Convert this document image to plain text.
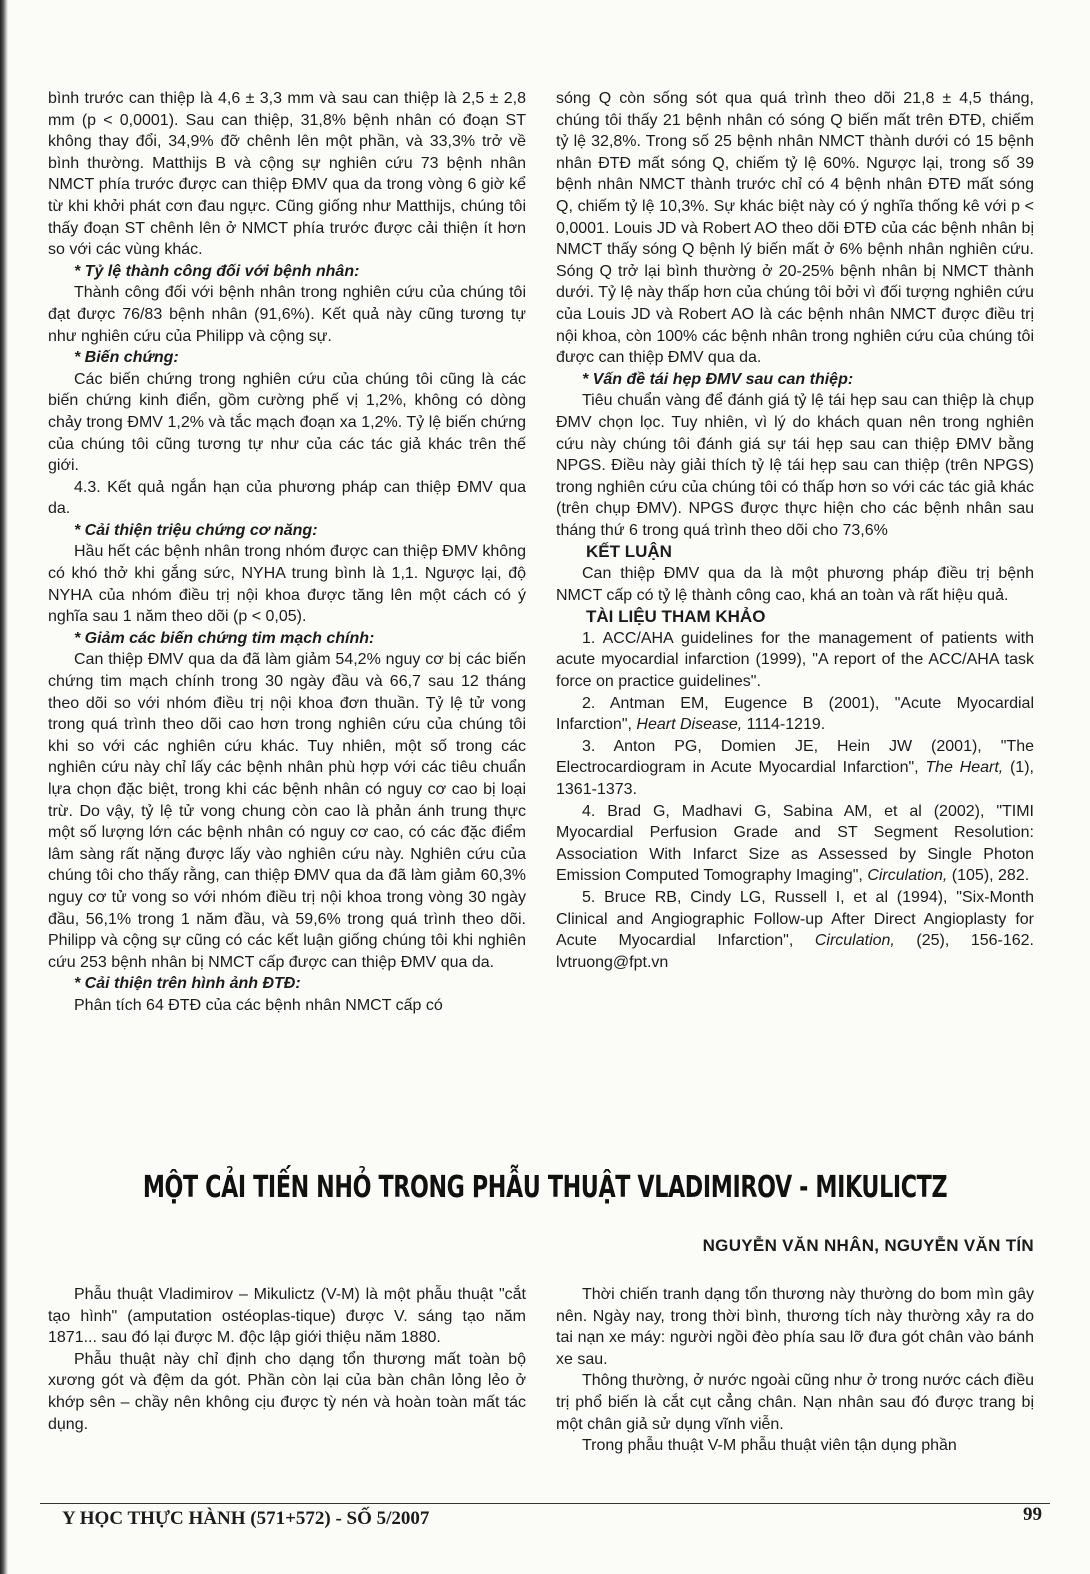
bình trước can thiệp là 4,6 ± 3,3 mm và sau can thiệp là 2,5 ± 2,8 mm (p < 0,0001). Sau can thiệp, 31,8% bệnh nhân có đoạn ST không thay đổi, 34,9% đỡ chênh lên một phần, và 33,3% trở về bình thường. Matthijs B và cộng sự nghiên cứu 73 bệnh nhân NMCT phía trước được can thiệp ĐMV qua da trong vòng 6 giờ kể từ khi khởi phát cơn đau ngực. Cũng giống như Matthijs, chúng tôi thấy đoạn ST chênh lên ở NMCT phía trước được cải thiện ít hơn so với các vùng khác.

* Tỷ lệ thành công đối với bệnh nhân:

Thành công đối với bệnh nhân trong nghiên cứu của chúng tôi đạt được 76/83 bệnh nhân (91,6%). Kết quả này cũng tương tự như nghiên cứu của Philipp và cộng sự.

* Biến chứng:

Các biến chứng trong nghiên cứu của chúng tôi cũng là các biến chứng kinh điển, gồm cường phế vị 1,2%, không có dòng chảy trong ĐMV 1,2% và tắc mạch đoạn xa 1,2%. Tỷ lệ biến chứng của chúng tôi cũng tương tự như của các tác giả khác trên thế giới.

4.3. Kết quả ngắn hạn của phương pháp can thiệp ĐMV qua da.

* Cải thiện triệu chứng cơ năng:

Hầu hết các bệnh nhân trong nhóm được can thiệp ĐMV không có khó thở khi gắng sức, NYHA trung bình là 1,1. Ngược lại, độ NYHA của nhóm điều trị nội khoa được tăng lên một cách có ý nghĩa sau 1 năm theo dõi (p < 0,05).

* Giảm các biến chứng tim mạch chính:

Can thiệp ĐMV qua da đã làm giảm 54,2% nguy cơ bị các biến chứng tim mạch chính trong 30 ngày đầu và 66,7 sau 12 tháng theo dõi so với nhóm điều trị nội khoa đơn thuần. Tỷ lệ tử vong trong quá trình theo dõi cao hơn trong nghiên cứu của chúng tôi khi so với các nghiên cứu khác. Tuy nhiên, một số trong các nghiên cứu này chỉ lấy các bệnh nhân phù hợp với các tiêu chuẩn lựa chọn đặc biệt, trong khi các bệnh nhân có nguy cơ cao bị loại trừ. Do vậy, tỷ lệ tử vong chung còn cao là phản ánh trung thực một số lượng lớn các bệnh nhân có nguy cơ cao, có các đặc điểm lâm sàng rất nặng được lấy vào nghiên cứu này. Nghiên cứu của chúng tôi cho thấy rằng, can thiệp ĐMV qua da đã làm giảm 60,3% nguy cơ tử vong so với nhóm điều trị nội khoa trong vòng 30 ngày đầu, 56,1% trong 1 năm đầu, và 59,6% trong quá trình theo dõi. Philipp và cộng sự cũng có các kết luận giống chúng tôi khi nghiên cứu 253 bệnh nhân bị NMCT cấp được can thiệp ĐMV qua da.

* Cải thiện trên hình ảnh ĐTĐ:

Phân tích 64 ĐTĐ của các bệnh nhân NMCT cấp có

sóng Q còn sống sót qua quá trình theo dõi 21,8 ± 4,5 tháng, chúng tôi thấy 21 bệnh nhân có sóng Q biến mất trên ĐTĐ, chiếm tỷ lệ 32,8%. Trong số 25 bệnh nhân NMCT thành dưới có 15 bệnh nhân ĐTĐ mất sóng Q, chiếm tỷ lệ 60%. Ngược lại, trong số 39 bệnh nhân NMCT thành trước chỉ có 4 bệnh nhân ĐTĐ mất sóng Q, chiếm tỷ lệ 10,3%. Sự khác biệt này có ý nghĩa thống kê với p < 0,0001. Louis JD và Robert AO theo dõi ĐTĐ của các bệnh nhân bị NMCT thấy sóng Q bệnh lý biến mất ở 6% bệnh nhân nghiên cứu. Sóng Q trở lại bình thường ở 20-25% bệnh nhân bị NMCT thành dưới. Tỷ lệ này thấp hơn của chúng tôi bởi vì đối tượng nghiên cứu của Louis JD và Robert AO là các bệnh nhân NMCT được điều trị nội khoa, còn 100% các bệnh nhân trong nghiên cứu của chúng tôi được can thiệp ĐMV qua da.

* Vấn đề tái hẹp ĐMV sau can thiệp:

Tiêu chuẩn vàng để đánh giá tỷ lệ tái hẹp sau can thiệp là chụp ĐMV chọn lọc. Tuy nhiên, vì lý do khách quan nên trong nghiên cứu này chúng tôi đánh giá sự tái hẹp sau can thiệp ĐMV bằng NPGS. Điều này giải thích tỷ lệ tái hẹp sau can thiệp (trên NPGS) trong nghiên cứu của chúng tôi có thấp hơn so với các tác giả khác (trên chụp ĐMV). NPGS được thực hiện cho các bệnh nhân sau tháng thứ 6 trong quá trình theo dõi cho 73,6%

KẾT LUẬN

Can thiệp ĐMV qua da là một phương pháp điều trị bệnh NMCT cấp có tỷ lệ thành công cao, khá an toàn và rất hiệu quả.

TÀI LIỆU THAM KHẢO

1. ACC/AHA guidelines for the management of patients with acute myocardial infarction (1999), "A report of the ACC/AHA task force on practice guidelines".

2. Antman EM, Eugence B (2001), "Acute Myocardial Infarction", Heart Disease, 1114-1219.

3. Anton PG, Domien JE, Hein JW (2001), "The Electrocardiogram in Acute Myocardial Infarction", The Heart, (1), 1361-1373.

4. Brad G, Madhavi G, Sabina AM, et al (2002), "TIMI Myocardial Perfusion Grade and ST Segment Resolution: Association With Infarct Size as Assessed by Single Photon Emission Computed Tomography Imaging", Circulation, (105), 282.

5. Bruce RB, Cindy LG, Russell I, et al (1994), "Six-Month Clinical and Angiographic Follow-up After Direct Angioplasty for Acute Myocardial Infarction", Circulation, (25), 156-162. lvtruong@fpt.vn

MỘT CẢI TIẾN NHỎ TRONG PHẪU THUẬT VLADIMIROV - MIKULICTZ
NGUYỄN VĂN NHÂN, NGUYỄN VĂN TÍN

Phẫu thuật Vladimirov – Mikulictz (V-M) là một phẫu thuật "cắt tạo hình" (amputation ostéoplas-tique) được V. sáng tạo năm 1871... sau đó lại được M. độc lập giới thiệu năm 1880.

Phẫu thuật này chỉ định cho dạng tổn thương mất toàn bộ xương gót và đệm da gót. Phần còn lại của bàn chân lỏng lẻo ở khớp sên – chầy nên không cịu được tỳ nén và hoàn toàn mất tác dụng.

Thời chiến tranh dạng tổn thương này thường do bom mìn gây nên. Ngày nay, trong thời bình, thương tích này thường xảy ra do tai nạn xe máy: người ngồi đèo phía sau lỡ đưa gót chân vào bánh xe sau.

Thông thường, ở nước ngoài cũng như ở trong nước cách điều trị phổ biến là cắt cụt cẳng chân. Nạn nhân sau đó được trang bị một chân giả sử dụng vĩnh viễn.

Trong phẫu thuật V-M phẫu thuật viên tận dụng phần

Y HỌC THỰC HÀNH (571+572) - SỐ 5/2007	99
